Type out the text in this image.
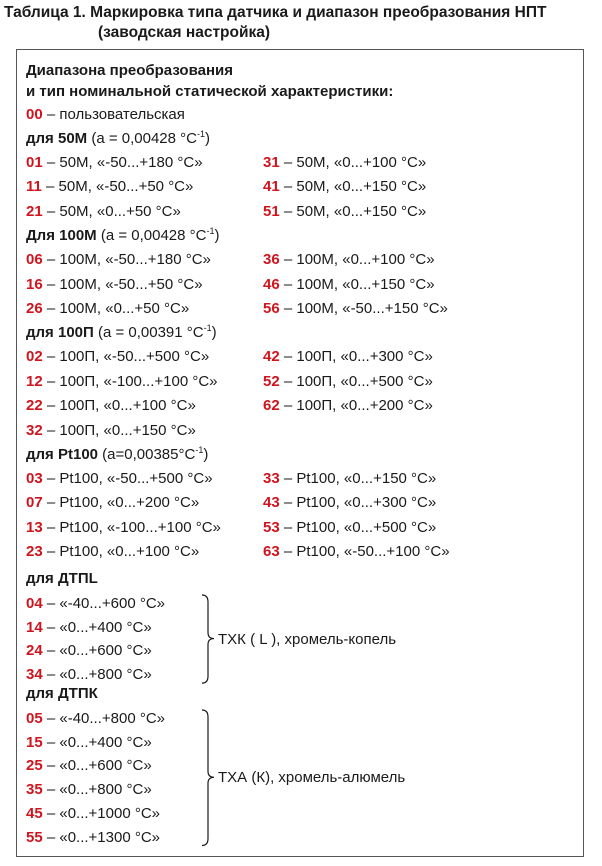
Таблица 1. Маркировка типа датчика и диапазон преобразования НПТ
(заводская настройка)
Диапазона преобразования
и тип номинальной статической характеристики:
00 – пользовательская
для 50М (a = 0,00428 $^\circ С^{-1}$)
01 – 50М, «-50...+180 °С»	31 – 50М, «0...+100 °С»
11 – 50М, «-50...+50 °С»	41 – 50М, «0...+150 °С»
21 – 50М, «0...+50 °С»	51 – 50М, «0...+150 °С»
Для 100М (a = 0,00428 $^\circ С^{-1}$)
06 – 100М, «-50...+180 °С»	36 – 100М, «0...+100 °С»
16 – 100М, «-50...+50 °С»	46 – 100М, «0...+150 °С»
26 – 100М, «0...+50 °С»	56 – 100М, «-50...+150 °С»
для 100П (a = 0,00391 $^\circ С^{-1}$)
02 – 100П, «-50...+500 °С»	42 – 100П, «0...+300 °С»
12 – 100П, «-100...+100 °С»	52 – 100П, «0...+500 °С»
22 – 100П, «0...+100 °С»	62 – 100П, «0...+200 °С»
32 – 100П, «0...+150 °С»
для Pt100 $(a=0,00385^\circ С^{-1})$
03 – Pt100, «-50...+500 °С»	33 – Pt100, «0...+150 °С»
07 – Pt100, «0...+200 °С»	43 – Pt100, «0...+300 °С»
13 – Pt100, «-100...+100 °С»	53 – Pt100, «0...+500 °С»
23 – Pt100, «0...+100 °С»	63 – Pt100, «-50...+100 °С»
для ДТПL
04 – «-40...+600 °С»
14 – «0...+400 °С»
24 – «0...+600 °С»
34 – «0...+800 °С»
ТХК ( L ), хромель-копель
для ДТПК
05 – «-40...+800 °С»
15 – «0...+400 °С»
25 – «0...+600 °С»
35 – «0...+800 °С»
45 – «0...+1000 °С»
55 – «0...+1300 °С»
ТХА (К), хромель-алюмель
